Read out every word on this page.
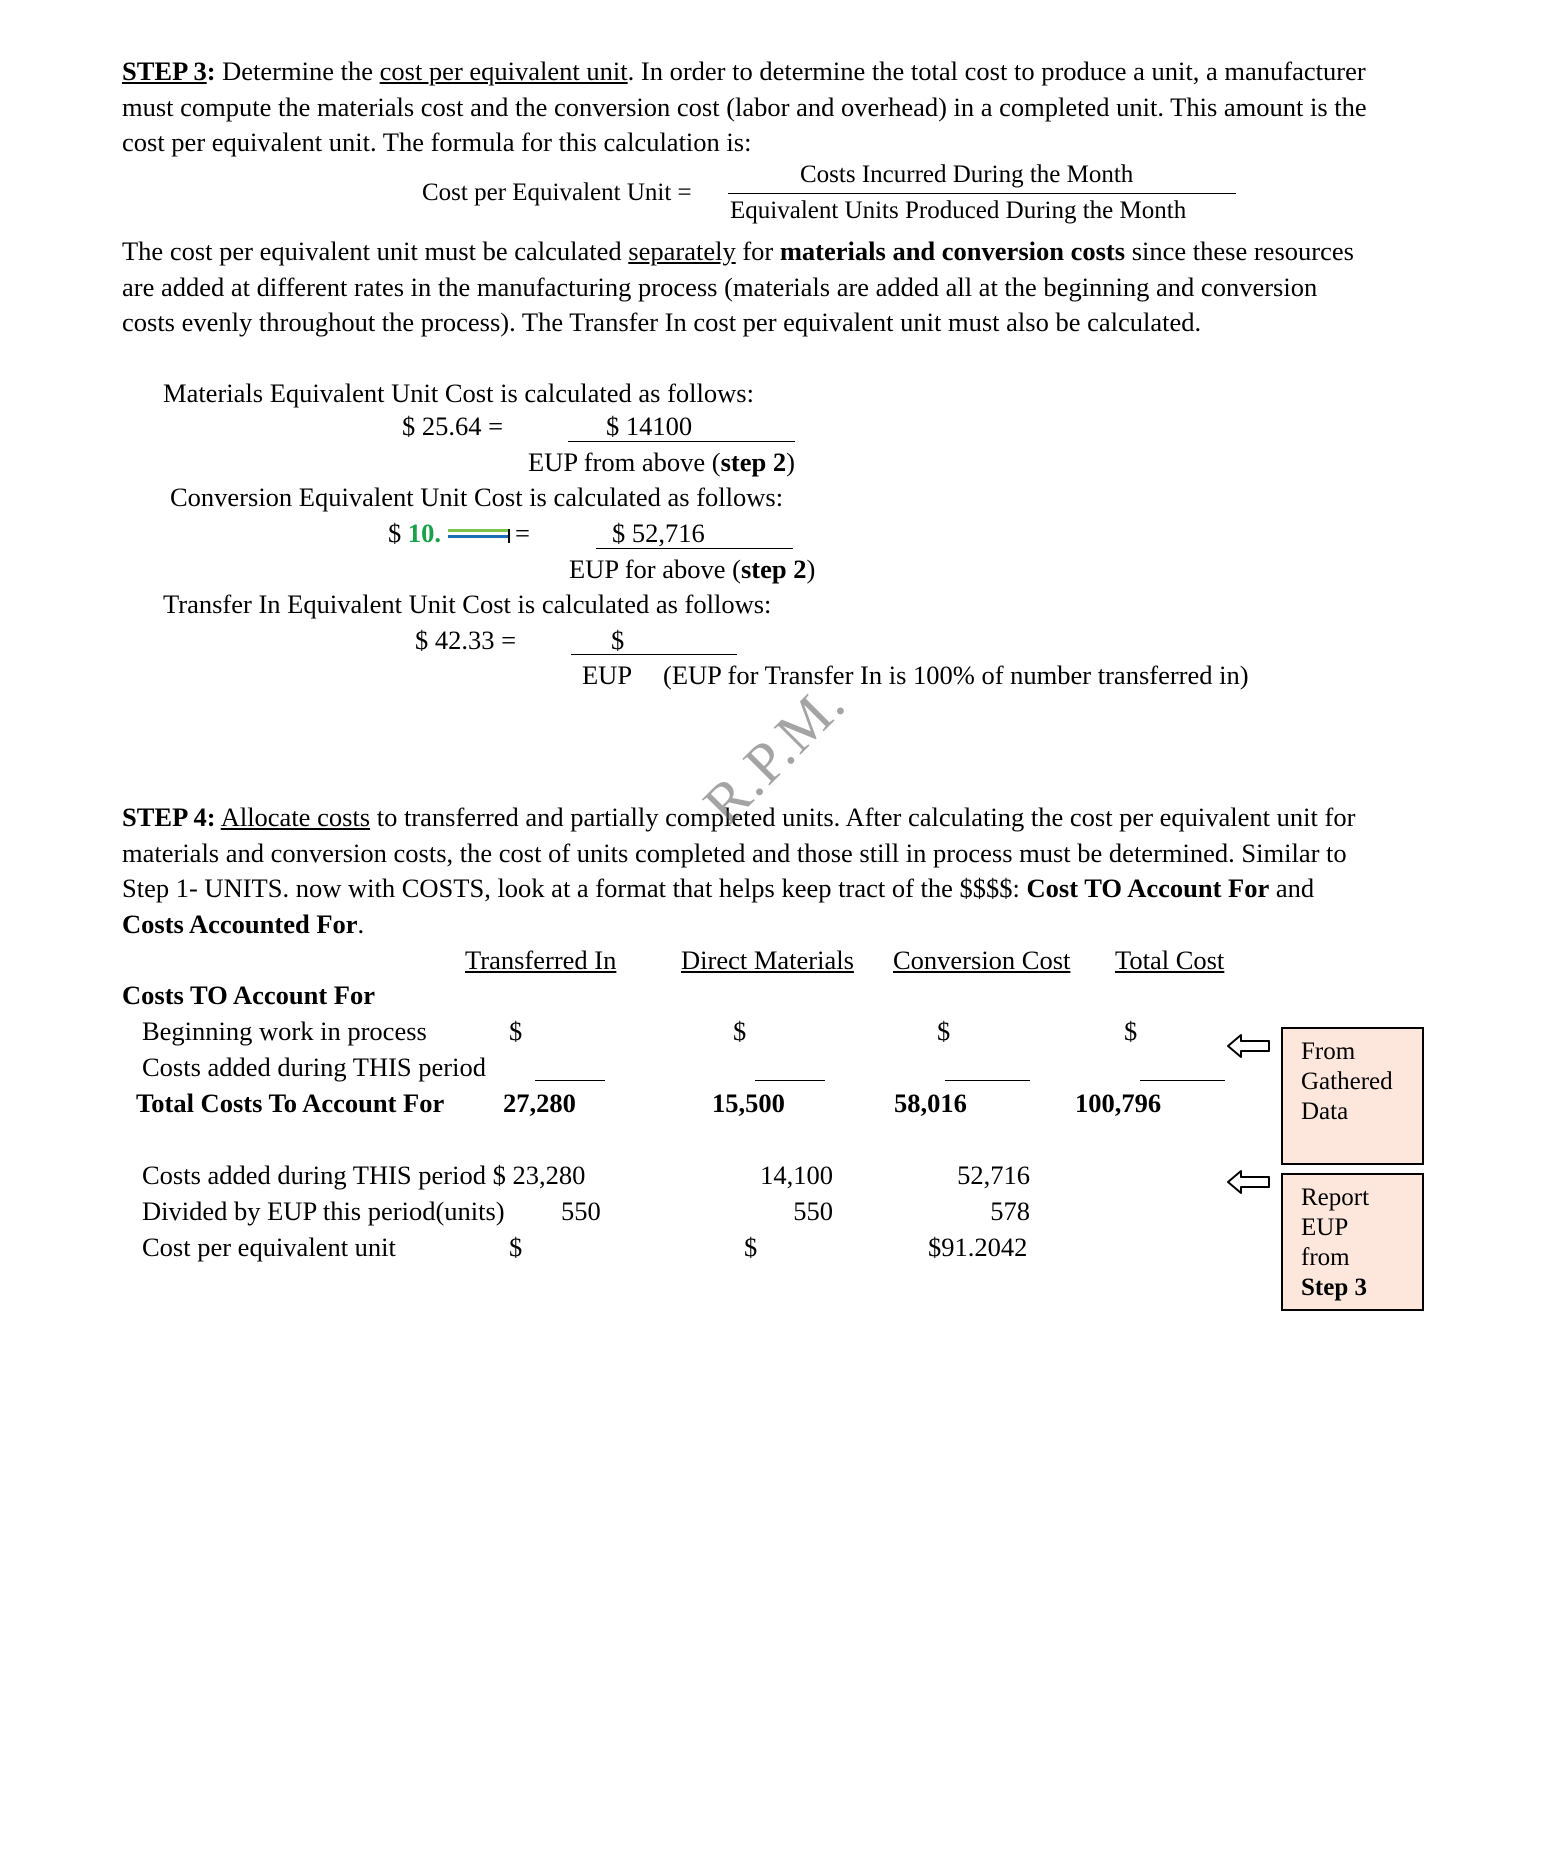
STEP 3: Determine the cost per equivalent unit. In order to determine the total cost to produce a unit, a manufacturer
must compute the materials cost and the conversion cost (labor and overhead) in a completed unit. This amount is the
cost per equivalent unit. The formula for this calculation is:
Cost per Equivalent Unit =
Costs Incurred During the Month
Equivalent Units Produced During the Month
The cost per equivalent unit must be calculated separately for materials and conversion costs since these resources
are added at different rates in the manufacturing process (materials are added all at the beginning and conversion
costs evenly throughout the process). The Transfer In cost per equivalent unit must also be calculated.
Materials Equivalent Unit Cost is calculated as follows:
$ 25.64 =	$ 14100
EUP from above (step 2)
Conversion Equivalent Unit Cost is calculated as follows:
$ 10.	=	$ 52,716
EUP for above (step 2)
Transfer In Equivalent Unit Cost is calculated as follows:
$ 42.33 =	$
EUP (EUP for Transfer In is 100% of number transferred in)
STEP 4: Allocate costs to transferred and partially completed units. After calculating the cost per equivalent unit for
materials and conversion costs, the cost of units completed and those still in process must be determined. Similar to
Step 1- UNITS. now with COSTS, look at a format that helps keep tract of the $$$$: Cost TO Account For and
Costs Accounted For.
R.P.M.
Transferred In Direct Materials Conversion Cost Total Cost
Costs TO Account For
Beginning work in process	$	$	$	$
Costs added during THIS period
Total Costs To Account For 27,280	15,500	58,016	100,796
Costs added during THIS period $ 23,280	14,100	52,716
Divided by EUP this period(units) 550	550	578
Cost per equivalent unit	$	$	$91.2042
From
Gathered
Data
Report
EUP
from
Step 3
